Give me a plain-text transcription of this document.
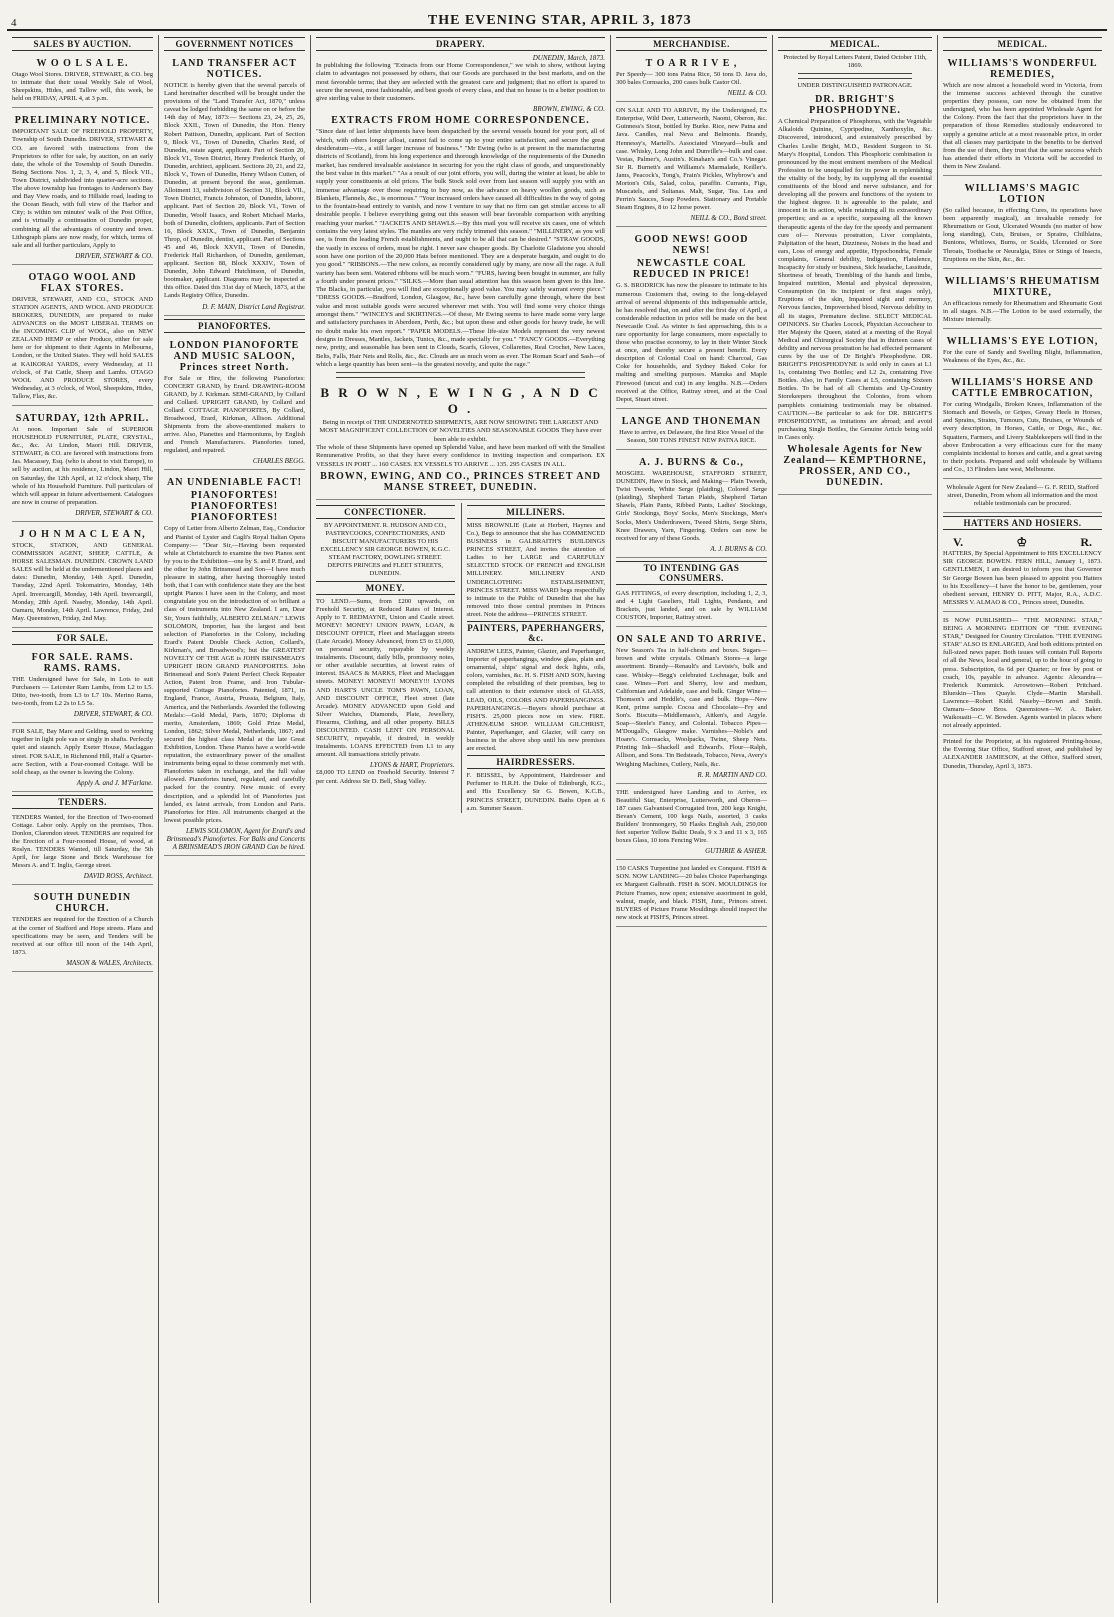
4	THE EVENING STAR, APRIL 3, 1873
SALES BY AUCTION.
W O O L S A L E.

Otago Wool Stores. DRIVER, STEWART, & CO. beg to intimate that their usual Weekly Sale of Wool, Sheepskins, Hides, and Tallow will, this week, be held on FRIDAY, APRIL 4, at 3 p.m.

PRELIMINARY NOTICE.

IMPORTANT SALE OF FREEHOLD PROPERTY, Township of South Dunedin. DRIVER, STEWART & CO. are favored with instructions from the Proprietors to offer for sale, by auction, on an early date, the whole of the Township of South Dunedin. Being Sections Nos. 1, 2, 3, 4, and 5, Block VII., Town District, subdivided into quarter-acre sections. The above township has frontages to Anderson's Bay and Bay View roads, and to Hillside road, leading to the Ocean Beach, with full view of the Harbor and City; is within ten minutes' walk of the Post Office, and is virtually a continuation of Dunedin proper, combining all the advantages of country and town. Lithograph plans are now ready, for which, terms of sale and all further particulars, Apply to

DRIVER, STEWART & CO.
OTAGO WOOL AND FLAX STORES.

DRIVER, STEWART, AND CO., STOCK AND STATION AGENTS, AND WOOL AND PRODUCE BROKERS, DUNEDIN, are prepared to make ADVANCES on the MOST LIBERAL TERMS on the INCOMING CLIP of WOOL, also on NEW ZEALAND HEMP or other Produce, either for sale here or for shipment to their Agents in Melbourne, London, or the United States. They will hold SALES at KAIKORAI YARDS, every Wednesday, at 11 o'clock, of Fat Cattle, Sheep and Lambs. OTAGO WOOL AND PRODUCE STORES, every Wednesday, at 3 o'clock, of Wool, Sheepskins, Hides, Tallow, Flax, &c.

SATURDAY, 12th APRIL.

At noon. Important Sale of SUPERIOR HOUSEHOLD FURNITURE, PLATE, CRYSTAL, &c., &c. At Lindon, Maori Hill. DRIVER, STEWART, & CO. are favored with instructions from Jas. Macassey, Esq. (who is about to visit Europe), to sell by auction, at his residence, Lindon, Maori Hill, on Saturday, the 12th April, at 12 o'clock sharp, The whole of his Household Furniture. Full particulars of which will appear in future advertisement. Catalogues are now in course of preparation.

DRIVER, STEWART & CO.
J O H N M A C L E A N,

STOCK, STATION, AND GENERAL COMMISSION AGENT, SHEEP, CATTLE, & HORSE SALESMAN. DUNEDIN. CROWN LAND SALES will be held at the undermentioned places and dates: Dunedin, Monday, 14th April. Dunedin, Tuesday, 22nd April. Tokomairiro, Monday, 14th April. Invercargill, Monday, 14th April. Invercargill, Monday, 28th April. Naseby, Monday, 14th April. Oamaru, Monday, 14th April. Lawrence, Friday, 2nd May. Queenstown, Friday, 2nd May.

FOR SALE.
FOR SALE. RAMS. RAMS. RAMS.

THE Undersigned have for Sale, in Lots to suit Purchasers — Leicester Ram Lambs, from L2 to L5. Ditto, two-tooth, from L3 to L7 10s. Merino Rams, two-tooth, from L2 2s to L5 5s.

DRIVER, STEWART, & CO.

FOR SALE, Bay Mare and Gelding, used to working together in light pole van or singly in shafts. Perfectly quiet and staunch. Apply Exeter House, Maclaggan street. FOR SALE, in Richmond Hill, Half a Quarter-acre Section, with a Four-roomed Cottage. Will be sold cheap, as the owner is leaving the Colony.

Apply A. and J. M'Farlane.
TENDERS.

TENDERS Wanted, for the Erection of Two-roomed Cottage. Labor only. Apply on the premises, Thos. Donlon, Clarendon street. TENDERS are required for the Erection of a Four-roomed House, of wood, at Roslyn. TENDERS Wanted, till Saturday, the 5th April, for large Stone and Brick Warehouse for Messrs A. and T. Inglis, George street.

DAVID ROSS, Architect.
SOUTH DUNEDIN CHURCH.

TENDERS are required for the Erection of a Church at the corner of Stafford and Hope streets. Plans and specifications may be seen, and Tenders will be received at our office till noon of the 14th April, 1873.

MASON & WALES, Architects.
GOVERNMENT NOTICES
LAND TRANSFER ACT NOTICES.

NOTICE is hereby given that the several parcels of Land hereinafter described will be brought under the provisions of the "Land Transfer Act, 1870," unless caveat be lodged forbidding the same on or before the 14th day of May, 1873:— Sections 23, 24, 25, 26, Block XXII., Town of Dunedin, the Hon. Henry Robert Pattison, Dunedin, applicant. Part of Section 9, Block VI., Town of Dunedin, Charles Reid, of Dunedin, estate agent, applicant. Part of Section 20, Block VI., Town District, Henry Frederick Hardy, of Dunedin, architect, applicant. Sections 20, 21, and 22, Block V., Town of Dunedin, Henry Wilson Cutten, of Dunedin, at present beyond the seas, gentleman. Allotment 13, subdivision of Section 31, Block VII., Town District, Francis Johnston, of Dunedin, laborer, applicant. Part of Section 20, Block VI., Town of Dunedin, Woolf Isaacs, and Robert Michael Marks, both of Dunedin, clothiers, applicants. Part of Section 16, Block XXIX., Town of Dunedin, Benjamin Throp, of Dunedin, dentist, applicant. Part of Sections 45 and 46, Block XXVII., Town of Dunedin, Frederick Hall Richardson, of Dunedin, gentleman, applicant. Section 88, Block XXXIV., Town of Dunedin, John Edward Hutchinson, of Dunedin, bootmaker, applicant. Diagrams may be inspected at this office. Dated this 31st day of March, 1873, at the Lands Registry Office, Dunedin.

D. F. MAIN, District Land Registrar.
PIANOFORTES.
LONDON PIANOFORTE AND MUSIC SALOON, Princes street North.

For Sale or Hire, the following Pianofortes: CONCERT GRAND, by Erard. DRAWING-ROOM GRAND, by J. Kirkman. SEMI-GRAND, by Collard and Collard. UPRIGHT GRAND, by Collard and Collard. COTTAGE PIANOFORTES, By Collard, Broadwood, Erard, Kirkman, Allison. Additional Shipments from the above-mentioned makers to arrive. Also, Pianettes and Harmoniums, by English and French Manufacturers. Pianofortes tuned, regulated, and repaired.

CHARLES BEGG.
AN UNDENIABLE FACT!
PIANOFORTES! PIANOFORTES! PIANOFORTES!

Copy of Letter from Alberto Zelman, Esq., Conductor and Pianist of Lyster and Cagli's Royal Italian Opera Company:— "Dear Sir,—Having been requested while at Christchurch to examine the two Pianos sent by you to the Exhibition—one by S. and P. Erard, and the other by John Brinsmead and Son—I have much pleasure in stating, after having thoroughly tested both, that I can with confidence state they are the best upright Pianos I have seen in the Colony, and most congratulate you on the introduction of so brilliant a class of instruments into New Zealand. I am, Dear Sir, Yours faithfully, ALBERTO ZELMAN." LEWIS SOLOMON, Importer, has the largest and best selection of Pianofortes in the Colony, including Erard's Patent Double Check Action, Collard's, Kirkman's, and Broadwood's; but the GREATEST NOVELTY OF THE AGE is JOHN BRINSMEAD'S UPRIGHT IRON GRAND PIANOFORTES. John Brinsmead and Son's Patent Perfect Check Repeater Action, Patent Iron Frame, and Iron Tubular-supported Cottage Pianofortes. Patented, 1871, in England, France, Austria, Prussia, Belgium, Italy, America, and the Netherlands. Awarded the following Medals:—Gold Medal, Paris, 1870; Diploma di merito, Amsterdam, 1869; Gold Prize Medal, London, 1862; Silver Medal, Netherlands, 1867; and secured the highest class Medal at the late Great Exhibition, London. These Pianos have a world-wide reputation, the extraordinary power of the smallest instruments being equal to those commonly met with. Pianofortes taken in exchange, and the full value allowed. Pianofortes tuned, regulated, and carefully packed for the country. New music of every description, and a splendid lot of Pianofortes just landed, ex latest arrivals, from London and Paris. Pianofortes for Hire. All instruments charged at the lowest possible prices.

LEWIS SOLOMON, Agent for Erard's and Brinsmead's Pianofortes. For Balls and Concerts A BRINSMEAD'S IRON GRAND Can be hired.
DRAPERY.
DUNEDIN, March, 1873.

In publishing the following "Extracts from our Home Correspondence," we wish to show, without laying claim to advantages not possessed by others, that our Goods are purchased in the best markets, and on the most favorable terms; that they are selected with the greatest care and judgment; that no effort is spared to secure the newest, most fashionable, and best goods of every class, and that no house is in a better position to give sterling value to their customers.

BROWN, EWING, & CO.
EXTRACTS FROM HOME CORRESPONDENCE.

"Since date of last letter shipments have been despatched by the several vessels bound for your port, all of which, with others longer afloat, cannot fail to come up to your entire satisfaction, and secure the great desideratum—viz., a still larger increase of business." "Mr Ewing (who is at present in the manufacturing districts of Scotland), from his long experience and thorough knowledge of the requirements of the Dunedin market, has rendered invaluable assistance in securing for you the right class of goods, and unquestionably the best value in this market." "As a result of our joint efforts, you will, during the winter at least, be able to supply your constituents at old prices. The bulk Stock sold over from last season will supply you with an immense advantage over those requiring to buy now, as the advance on heavy woollen goods, such as Blankets, Flannels, &c., is enormous." "Your increased orders have caused all difficulties in the way of going to the fountain-head entirely to vanish, and now I venture to say that no firm can get similar access to all desirable people. I believe everything going out this season will bear favorable comparison with anything reaching your market." "JACKETS AND SHAWLS.—By this mail you will receive six cases, one of which contains the very latest styles. The mantles are very richly trimmed this season." "MILLINERY, as you will see, is from the leading French establishments, and ought to be all that can be desired." "STRAW GOODS, the vastly in excess of orders, must be right. I never saw cheaper goods. By Charlotte Gladstone you should soon have one portion of the 20,000 Hats before mentioned. They are a desperate bargain, and ought to do you good." "RIBBONS.—The new colors, as recently considered ugly by many, are now all the rage. A full variety has been sent. Watered ribbons will be much worn." "FURS, having been bought in summer, are fully a fourth under present prices." "SILKS.—More than usual attention has this season been given to this line. The Blacks, in particular, you will find are exceptionally good value. You may safely warrant every piece." "DRESS GOODS.—Bradford, London, Glasgow, &c., have been carefully gone through, where the best value and most suitable goods were secured wherever met with. You will find some very choice things amongst them." "WINCEYS and SKIRTINGS.—Of these, Mr Ewing seems to have made some very large and satisfactory purchases in Aberdeen, Perth, &c.; but upon these and other goods for heavy trade, he will no doubt make his own report." "PAPER MODELS.—These life-size Models represent the very newest designs in Dresses, Mantles, Jackets, Tunics, &c., made specially for you." "FANCY GOODS.—Everything new, pretty, and seasonable has been sent in Clouds, Scarfs, Gloves, Collarettes, Real Crochet, New Laces, Belts, Falls, Hair Nets and Rolls, &c., &c. Clouds are as much worn as ever. The Roman Scarf and Sash—of which a large quantity has been sent—is the greatest novelty, and quite the rage."

B R O W N , E W I N G , A N D C O .

Being in receipt of THE UNDERNOTED SHIPMENTS, ARE NOW SHOWING THE LARGEST AND MOST MAGNIFICENT COLLECTION OF NOVELTIES AND SEASONABLE GOODS They have ever been able to exhibit.

The whole of these Shipments have opened up Splendid Value, and have been marked off with the Smallest Remunerative Profits, so that they have every confidence in inviting inspection and comparison. EX VESSELS IN PORT ... 160 CASES. EX VESSELS TO ARRIVE ... 135. 295 CASES IN ALL.

BROWN, EWING, AND CO., PRINCES STREET AND MANSE STREET, DUNEDIN.
CONFECTIONER.

BY APPOINTMENT. R. HUDSON AND CO., PASTRYCOOKS, CONFECTIONERS, AND BISCUIT MANUFACTURERS TO HIS EXCELLENCY SIR GEORGE BOWEN, K.G.C. STEAM FACTORY, DOWLING STREET. DEPOTS PRINCES and FLEET STREETS, DUNEDIN.

MONEY.

TO LEND.—Sums, from £200 upwards, on Freehold Security, at Reduced Rates of Interest. Apply to T. REDMAYNE, Union and Castle street. MONEY! MONEY! UNION PAWN, LOAN, & DISCOUNT OFFICE, Fleet and Maclaggan streets (Late Arcade). Money Advanced, from £5 to £1,000, on personal security, repayable by weekly instalments. Discount, daily bills, promissory notes, or other available securities, at lowest rates of interest. ISAACS & MARKS, Fleet and Maclaggan streets. MONEY! MONEY!! MONEY!!! LYONS AND HART'S UNCLE TOM'S PAWN, LOAN, AND DISCOUNT OFFICE, Fleet street (late Arcade). MONEY ADVANCED upon Gold and Silver Watches, Diamonds, Plate, Jewellery, Firearms, Clothing, and all other property. BILLS DISCOUNTED. CASH LENT ON PERSONAL SECURITY, repayable, if desired, in weekly instalments. LOANS EFFECTED from L1 to any amount. All transactions strictly private.

LYONS & HART, Proprietors.

£8,000 TO LEND on Freehold Security. Interest 7 per cent. Address Sir D. Bell, Shag Valley.

MILLINERS.

MISS BROWNLIE (Late at Herbert, Haynes and Co.), Begs to announce that she has COMMENCED BUSINESS in GALBRAITH'S BUILDINGS PRINCES STREET, And invites the attention of Ladies to her LARGE and CAREFULLY SELECTED STOCK OF FRENCH and ENGLISH MILLINERY. MILLINERY AND UNDERCLOTHING ESTABLISHMENT, PRINCES STREET. MISS WARD begs respectfully to intimate to the Public of Dunedin that she has removed into those central premises in Princes street. Note the address—PRINCES STREET.

PAINTERS, PAPERHANGERS, &c.

ANDREW LEES, Painter, Glazier, and Paperhanger, Importer of paperhangings, window glass, plain and ornamental, ships' signal and deck lights, oils, colors, varnishes, &c. H. S. FISH AND SON, having completed the rebuilding of their premises, beg to call attention to their extensive stock of GLASS, LEAD, OILS, COLORS AND PAPERHANGINGS. PAPERHANGINGS.—Buyers should purchase at FISH'S. 25,000 pieces now on view. FIRE. ATHENÆUM SHOP. WILLIAM GILCHRIST, Painter, Paperhanger, and Glazier, will carry on business in the above shop until his new premises are erected.

HAIRDRESSERS.

F. BEISSEL, by Appointment, Hairdresser and Perfumer to H.R.H. the Duke of Edinburgh, K.G., and His Excellency Sir G. Bowen, K.C.B., PRINCES STREET, DUNEDIN. Baths Open at 6 a.m. Summer Season.

MERCHANDISE.
T O A R R I V E ,

Per Speedy— 300 tons Patna Rice, 50 tons D. Java do, 300 bales Cornsacks, 200 cases bulk Castor Oil.

NEILL & CO.

ON SALE AND TO ARRIVE, By the Undersigned, Ex Enterprise, Wild Deer, Lutterworth, Naomi, Oberon, &c. Guinness's Stout, bottled by Burke. Rice, new Patna and Java. Candles, real Neva and Belmonts. Brandy, Hennessy's, Martell's. Associated Vineyard—bulk and case. Whisky, Long John and Dunville's—bulk and case. Vestas, Palmer's, Austin's. Kinahan's and Co.'s Vinegar. Sir R. Burnett's and Williams's Marmalade, Keiller's. Jams, Peacock's, Tong's, Frain's Pickles, Whybrow's and Morton's Oils, Salad, colza, paraffin. Currants, Figs, Muscatels, and Sultanas. Malt, Sugar, Tea. Lea and Perrin's Sauces, Soap Powders. Stationary and Portable Steam Engines, 8 to 12 horse power.

NEILL & CO., Bond street.
GOOD NEWS! GOOD NEWS!
NEWCASTLE COAL REDUCED IN PRICE!

G. S. BRODRICK has now the pleasure to intimate to his numerous Customers that, owing to the long-delayed arrival of several shipments of this indispensable article, he has resolved that, on and after the first day of April, a considerable reduction in price will be made on the best Newcastle Coal. As winter is fast approaching, this is a rare opportunity for large consumers, more especially to those who practise economy, to lay in their Winter Stock at once, and thereby secure a present benefit. Every description of Colonial Coal on hand: Charcoal, Gas Coke for households, and Sydney Baked Coke for malting and smelting purposes. Manuka and Maple Firewood (uncut and cut) in any lengths. N.B.—Orders received at the Office, Rattray street, and at the Coal Depot, Stuart street.

LANGE AND THONEMAN

Have to arrive, ex Delaware, the first Rice Vessel of the Season, 500 TONS FINEST NEW PATNA RICE.

A. J. BURNS & Co.,

MOSGIEL WAREHOUSE, STAFFORD STREET, DUNEDIN, Have in Stock, and Making— Plain Tweeds, Twist Tweeds, White Serge (plaiding), Colored Serge (plaiding), Shepherd Tartan Plaids, Shepherd Tartan Shawls, Plain Pants, Ribbed Pants, Ladies' Stockings, Girls' Stockings, Boys' Socks, Men's Stockings, Men's Socks, Men's Underdrawers, Tweed Shirts, Serge Shirts, Knee Drawers, Yarn, Fingering. Orders can now be received for any of these Goods.

A. J. BURNS & CO.
TO INTENDING GAS CONSUMERS.

GAS FITTINGS, of every description, including 1, 2, 3, and 4 Light Gaseliers, Hall Lights, Pendants, and Brackets, just landed, and on sale by WILLIAM COUSTON, Importer, Rattray street.

ON SALE AND TO ARRIVE.

New Season's Tea in half-chests and boxes. Sugars—brown and white crystals. Oilman's Stores—a large assortment. Brandy—Renault's and Leviste's, bulk and case. Whisky—Begg's celebrated Lochnagar, bulk and case. Wines—Port and Sherry, low and medium, Californian and Adelaide, case and bulk. Ginger Wine—Thomson's and Heddle's, case and bulk. Hops—New Kent, prime sample. Cocoa and Chocolate—Fry and Son's. Biscuits—Middlemass's, Aitken's, and Argyle. Soap—Steele's Fancy, and Colonial. Tobacco Pipes—M'Dougall's, Glasgow make. Varnishes—Noble's and Hoare's. Cornsacks, Woolpacks, Twine, Sheep Nets. Printing Ink—Shackell and Edward's. Flour—Ralph, Allison, and Sons. Tin Bedsteads, Tobacco, Neva, Avery's Weighing Machines, Cutlery, Nails, &c.

R. R. MARTIN AND CO.

THE undersigned have Landing and to Arrive, ex Beautiful Star, Enterprise, Lutterworth, and Oberon— 187 cases Galvanised Corrugated Iron, 200 kegs Knight, Bevan's Cement, 100 kegs Nails, assorted, 3 casks Builders' Ironmongery, 50 Flasks English Ash, 250,000 feet superior Yellow Baltic Deals, 9 x 3 and 11 x 3, 165 boxes Glass, 10 tons Fencing Wire.

GUTHRIE & ASHER.

150 CASKS Turpentine just landed ex Conquest. FISH & SON. NOW LANDING—20 bales Choice Paperhangings ex Margaret Galbraith. FISH & SON. MOULDINGS for Picture Frames, now open; extensive assortment in gold, walnut, maple, and black. FISH, Junr., Princes street. BUYERS of Picture Frame Mouldings should inspect the new stock at FISH'S, Princes street.

MEDICAL.

Protected by Royal Letters Patent, Dated October 11th, 1869.

UNDER DISTINGUISHED PATRONAGE.

DR. BRIGHT'S PHOSPHODYNE.

A Chemical Preparation of Phosphorus, with the Vegetable Alkaloids Quinine, Cypripedine, Xanthoxylin, &c. Discovered, introduced, and extensively prescribed by Charles Leslie Bright, M.D., Resident Surgeon to St. Mary's Hospital, London. This Phosphoric combination is pronounced by the most eminent members of the Medical Profession to be unequalled for its power in replenishing the vitality of the body, by its supplying all the essential constituents of the blood and nerve substance, and for developing all the powers and functions of the system to the highest degree. It is agreeable to the palate, and innocent in its action, while retaining all its extraordinary properties; and as a specific, surpassing all the known therapeutic agents of the day for the speedy and permanent cure of— Nervous prostration, Liver complaints, Palpitation of the heart, Dizziness, Noises in the head and ears, Loss of energy and appetite, Hypochondria, Female complaints, General debility, Indigestion, Flatulence, Incapacity for study or business, Sick headache, Lassitude, Shortness of breath, Trembling of the hands and limbs, Impaired nutrition, Mental and physical depression, Consumption (in its incipient or first stages only), Eruptions of the skin, Impaired sight and memory, Nervous fancies, Impoverished blood, Nervous debility in all its stages, Premature decline. SELECT MEDICAL OPINIONS. Sir Charles Locock, Physician Accoucheur to Her Majesty the Queen, stated at a meeting of the Royal Medical and Chirurgical Society that in thirteen cases of debility and nervous prostration he had effected permanent cures by the use of Dr Bright's Phosphodyne. DR. BRIGHT'S PHOSPHODYNE is sold only in cases at L1 1s, containing Two Bottles; and L2 2s, containing Five Bottles. Also, in Family Cases at L5, containing Sixteen Bottles. To be had of all Chemists and Up-Country Storekeepers throughout the Colonies, from whom pamphlets containing testimonials may be obtained. CAUTION.—Be particular to ask for DR. BRIGHT'S PHOSPHODYNE, as imitations are abroad; and avoid purchasing Single Bottles, the Genuine Article being sold in Cases only.

Wholesale Agents for New Zealand— KEMPTHORNE, PROSSER, AND CO., DUNEDIN.
MEDICAL.
WILLIAMS'S WONDERFUL REMEDIES,

Which are now almost a household word in Victoria, from the immense success achieved through the curative properties they possess, can now be obtained from the undersigned, who has been appointed Wholesale Agent for the Colony. From the fact that the proprietors have in the preparation of those Remedies studiously endeavored to supply a genuine article at a most reasonable price, in order that all classes may participate in the benefits to be derived from the use of them, they trust that the same success which has attended their efforts in Victoria will be accorded to them in New Zealand.

WILLIAMS'S MAGIC LOTION

(So called because, in effecting Cures, its operations have been apparently magical), an invaluable remedy for Rheumatism or Gout, Ulcerated Wounds (no matter of how long standing), Cuts, Bruises, or Sprains, Chilblains, Bunions, Whitlows, Burns, or Scalds, Ulcerated or Sore Throats, Toothache or Neuralgia, Bites or Stings of Insects, Eruptions on the Skin, &c., &c.

WILLIAMS'S RHEUMATISM MIXTURE,

An efficacious remedy for Rheumatism and Rheumatic Gout in all stages. N.B.—The Lotion to be used externally, the Mixture internally.

WILLIAMS'S EYE LOTION,

For the cure of Sandy and Swelling Blight, Inflammation, Weakness of the Eyes, &c., &c.

WILLIAMS'S HORSE AND CATTLE EMBROCATION,

For curing Windgalls, Broken Knees, Inflammation of the Stomach and Bowels, or Gripes, Greasy Heels in Horses, and Sprains, Strains, Tumours, Cuts, Bruises, or Wounds of every description, in Horses, Cattle, or Dogs, &c., &c. Squatters, Farmers, and Livery Stablekeepers will find in the above Embrocation a very efficacious cure for the many complaints incidental to horses and cattle, and a great saving to their pockets. Prepared and sold wholesale by Williams and Co., 13 Flinders lane west, Melbourne.

Wholesale Agent for New Zealand— G. F. REID, Stafford street, Dunedin, From whom all information and the most reliable testimonials can be procured.

HATTERS AND HOSIERS.
V.	♔	R.

HATTERS, By Special Appointment to HIS EXCELLENCY SIR GEORGE BOWEN. FERN HILL, January 1, 1873. GENTLEMEN, I am desired to inform you that Governor Sir George Bowen has been pleased to appoint you Hatters to his Excellency—I have the honor to be, gentlemen, your obedient servant, HENRY D. PITT, Major, R.A., A.D.C. MESSRS V. ALMAO & CO., Princes street, Dunedin.

IS NOW PUBLISHED— "THE MORNING STAR," BEING A MORNING EDITION OF "THE EVENING STAR," Designed for Country Circulation. "THE EVENING STAR" ALSO IS ENLARGED, And both editions printed on full-sized news paper. Both issues will contain Full Reports of all the News, local and general, up to the hour of going to press. Subscription, 6s 6d per Quarter; or free by post or coach, 10s, payable in advance. Agents: Alexandra—Frederick Kummick. Arrowtown—Robert Pritchard. Blueskin—Thos Quayle. Clyde—Martin Marshall. Lawrence—Robert Kidd. Naseby—Brown and Smith. Oamaru—Snow Bros. Queenstown—W. A. Baker. Waikouaiti—C. W. Bowden. Agents wanted in places where not already appointed.

Printed for the Proprietor, at his registered Printing-house, the Evening Star Office, Stafford street, and published by ALEXANDER JAMIESON, at the Office, Stafford street, Dunedin, Thursday, April 3, 1873.
